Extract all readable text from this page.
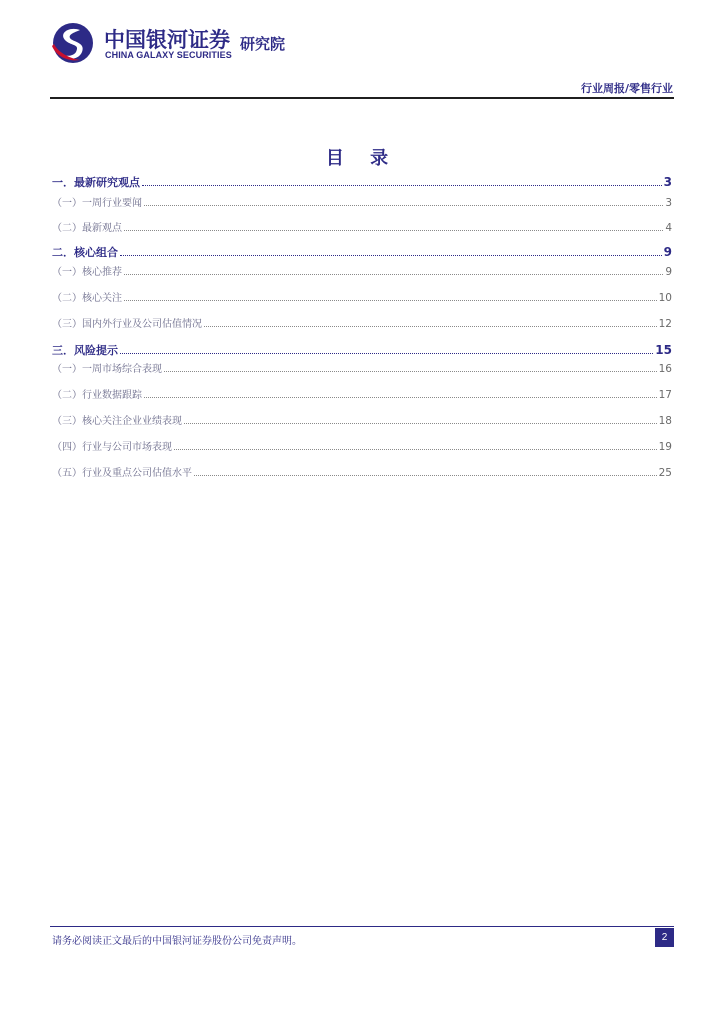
中国银河证券
CHINA GALAXY SECURITIES
研究院
行业周报/零售行业
目 录
一．最新研究观点	3
（一）一周行业要闻	3
（二）最新观点	4
二．核心组合	9
（一）核心推荐	9
（二）核心关注	10
（三）国内外行业及公司估值情况	12
三．风险提示	15
（一）一周市场综合表现	16
（二）行业数据跟踪	17
（三）核心关注企业业绩表现	18
（四）行业与公司市场表现	19
（五）行业及重点公司估值水平	25
请务必阅读正文最后的中国银河证券股份公司免责声明。	2
